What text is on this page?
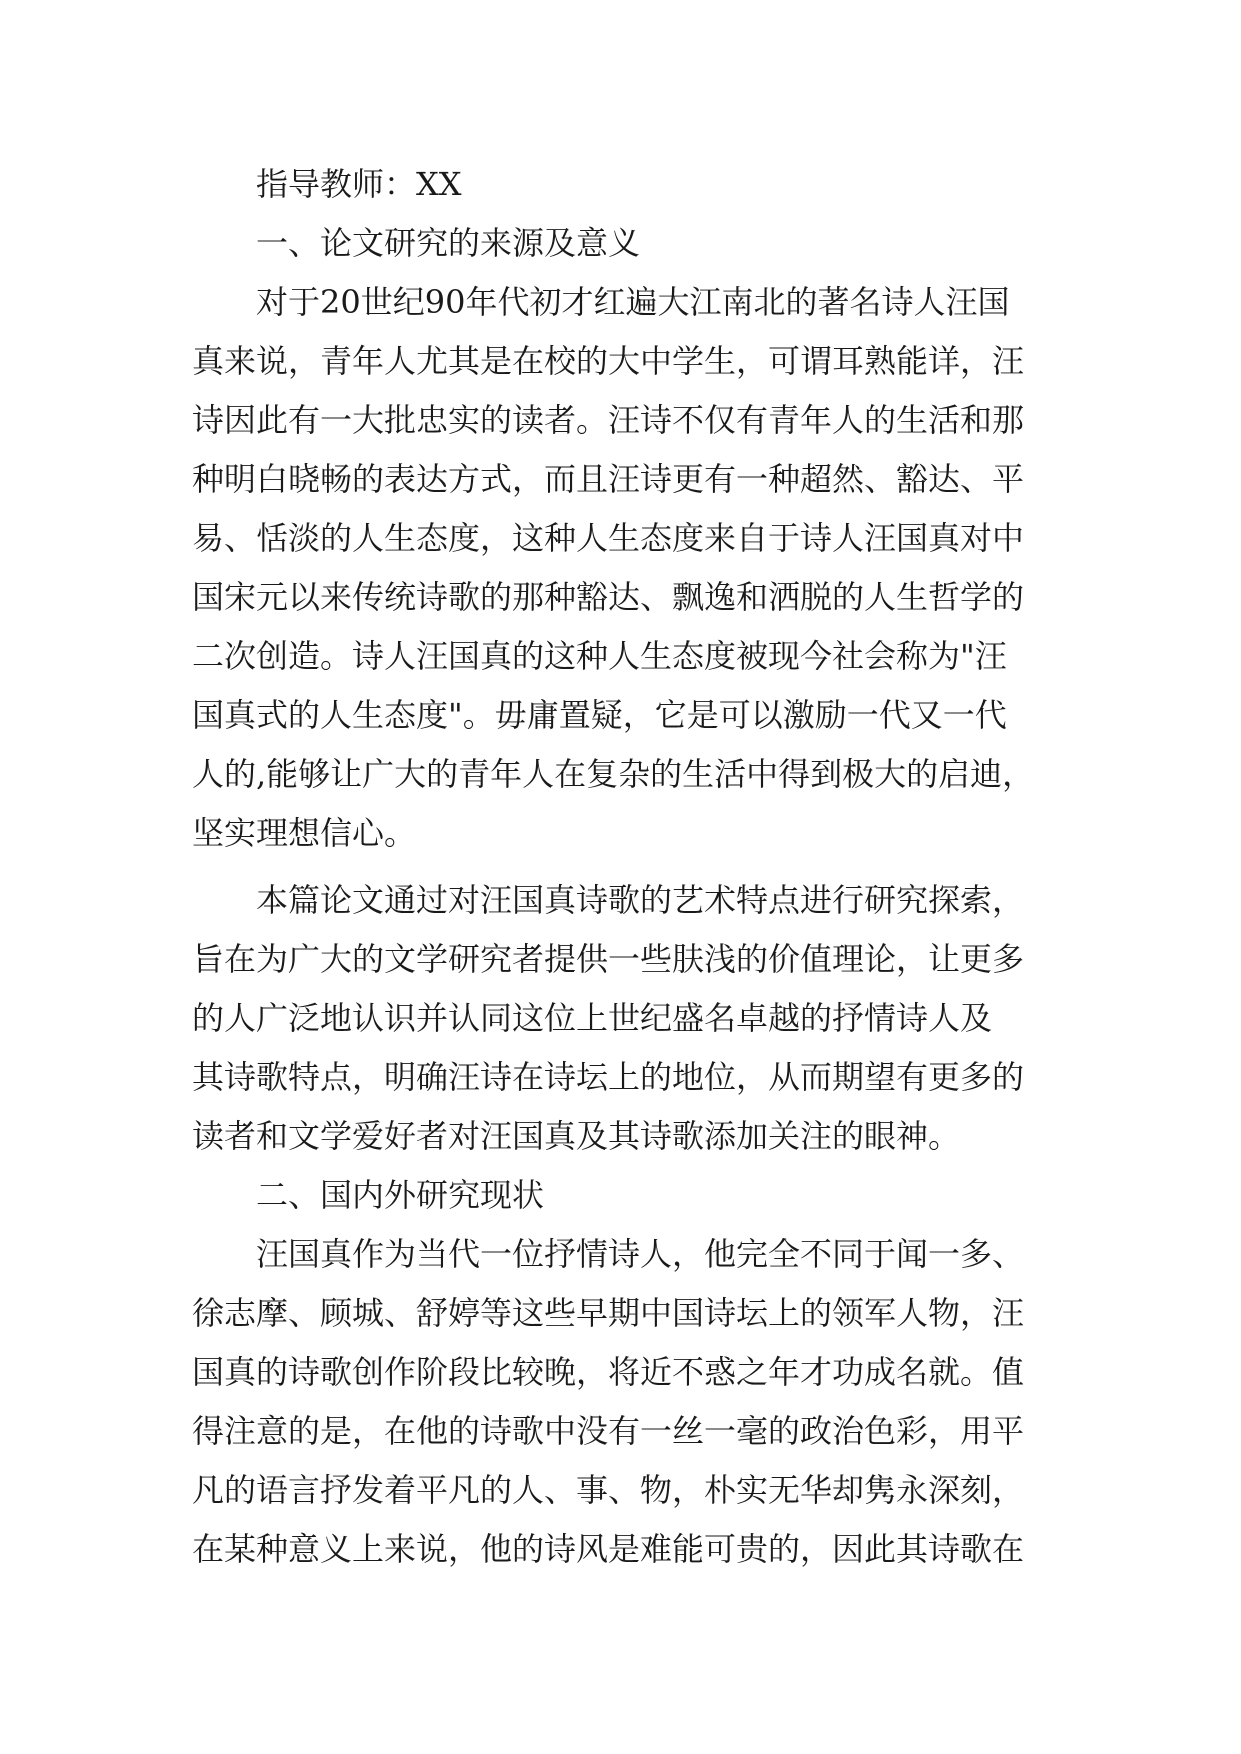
指导教师：XX
一、论文研究的来源及意义
对于20世纪90年代初才红遍大江南北的著名诗人汪国
真来说，青年人尤其是在校的大中学生，可谓耳熟能详，汪
诗因此有一大批忠实的读者。汪诗不仅有青年人的生活和那
种明白晓畅的表达方式，而且汪诗更有一种超然、豁达、平
易、恬淡的人生态度，这种人生态度来自于诗人汪国真对中
国宋元以来传统诗歌的那种豁达、飘逸和洒脱的人生哲学的
二次创造。诗人汪国真的这种人生态度被现今社会称为"汪
国真式的人生态度"。毋庸置疑，它是可以激励一代又一代
人的,能够让广大的青年人在复杂的生活中得到极大的启迪，
坚实理想信心。
本篇论文通过对汪国真诗歌的艺术特点进行研究探索，
旨在为广大的文学研究者提供一些肤浅的价值理论，让更多
的人广泛地认识并认同这位上世纪盛名卓越的抒情诗人及
其诗歌特点，明确汪诗在诗坛上的地位，从而期望有更多的
读者和文学爱好者对汪国真及其诗歌添加关注的眼神。
二、国内外研究现状
汪国真作为当代一位抒情诗人，他完全不同于闻一多、
徐志摩、顾城、舒婷等这些早期中国诗坛上的领军人物，汪
国真的诗歌创作阶段比较晚，将近不惑之年才功成名就。值
得注意的是，在他的诗歌中没有一丝一毫的政治色彩，用平
凡的语言抒发着平凡的人、事、物，朴实无华却隽永深刻，
在某种意义上来说，他的诗风是难能可贵的，因此其诗歌在
